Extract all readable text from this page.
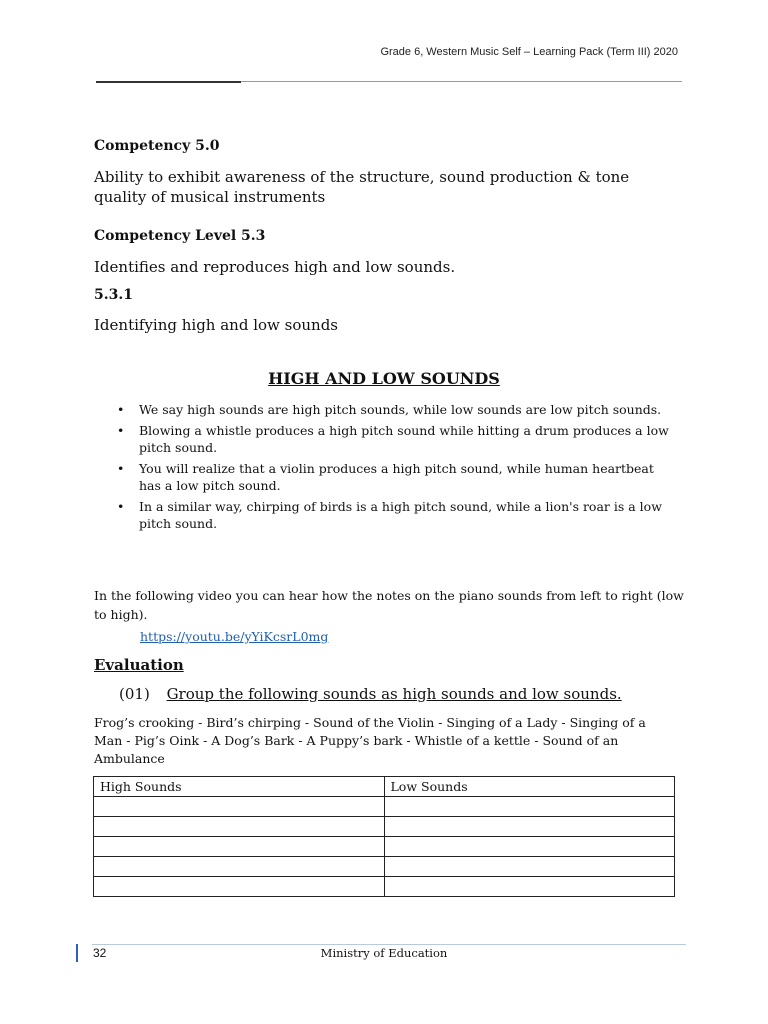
Grade 6, Western Music Self – Learning Pack (Term III) 2020
Competency 5.0
Ability to exhibit awareness of the structure, sound production & tone quality of musical instruments
Competency Level 5.3
Identifies and reproduces high and low sounds.
5.3.1
Identifying high and low sounds
HIGH AND LOW SOUNDS
• We say high sounds are high pitch sounds, while low sounds are low pitch sounds.
• Blowing a whistle produces a high pitch sound while hitting a drum produces a low pitch sound.
• You will realize that a violin produces a high pitch sound, while human heartbeat has a low pitch sound.
• In a similar way, chirping of birds is a high pitch sound, while a lion's roar is a low pitch sound.
In the following video you can hear how the notes on the piano sounds from left to right (low to high).
https://youtu.be/yYiKcsrL0mg
Evaluation
(01) Group the following sounds as high sounds and low sounds.
Frog’s crooking - Bird’s chirping - Sound of the Violin - Singing of a Lady - Singing of a Man - Pig’s Oink - A Dog’s Bark - A Puppy’s bark - Whistle of a kettle - Sound of an Ambulance
High Sounds	Low Sounds

32	Ministry of Education
